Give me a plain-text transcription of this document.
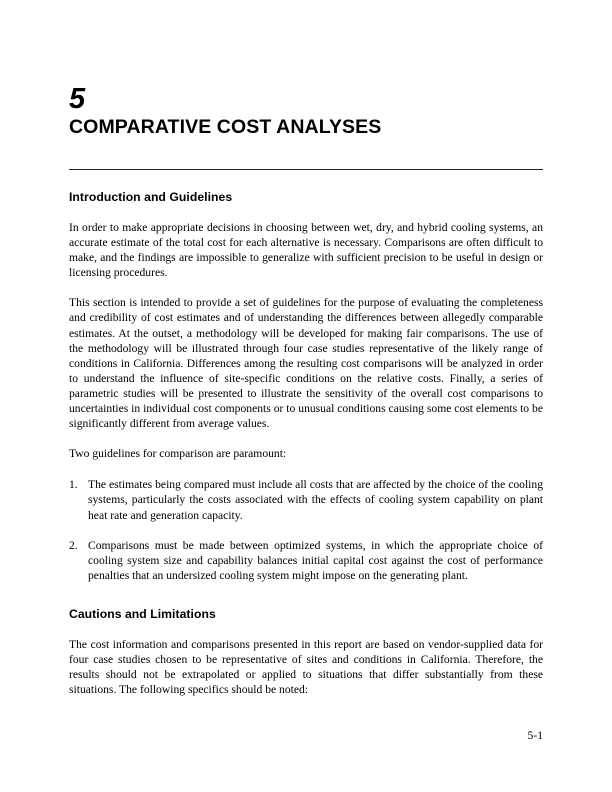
5
COMPARATIVE COST ANALYSES
Introduction and Guidelines

In order to make appropriate decisions in choosing between wet, dry, and hybrid cooling systems, an accurate estimate of the total cost for each alternative is necessary. Comparisons are often difficult to make, and the findings are impossible to generalize with sufficient precision to be useful in design or licensing procedures.

This section is intended to provide a set of guidelines for the purpose of evaluating the completeness and credibility of cost estimates and of understanding the differences between allegedly comparable estimates. At the outset, a methodology will be developed for making fair comparisons. The use of the methodology will be illustrated through four case studies representative of the likely range of conditions in California. Differences among the resulting cost comparisons will be analyzed in order to understand the influence of site-specific conditions on the relative costs. Finally, a series of parametric studies will be presented to illustrate the sensitivity of the overall cost comparisons to uncertainties in individual cost components or to unusual conditions causing some cost elements to be significantly different from average values.

Two guidelines for comparison are paramount:

1. The estimates being compared must include all costs that are affected by the choice of the cooling systems, particularly the costs associated with the effects of cooling system capability on plant heat rate and generation capacity.
2. Comparisons must be made between optimized systems, in which the appropriate choice of cooling system size and capability balances initial capital cost against the cost of performance penalties that an undersized cooling system might impose on the generating plant.
Cautions and Limitations

The cost information and comparisons presented in this report are based on vendor-supplied data for four case studies chosen to be representative of sites and conditions in California. Therefore, the results should not be extrapolated or applied to situations that differ substantially from these situations. The following specifics should be noted:

5-1
